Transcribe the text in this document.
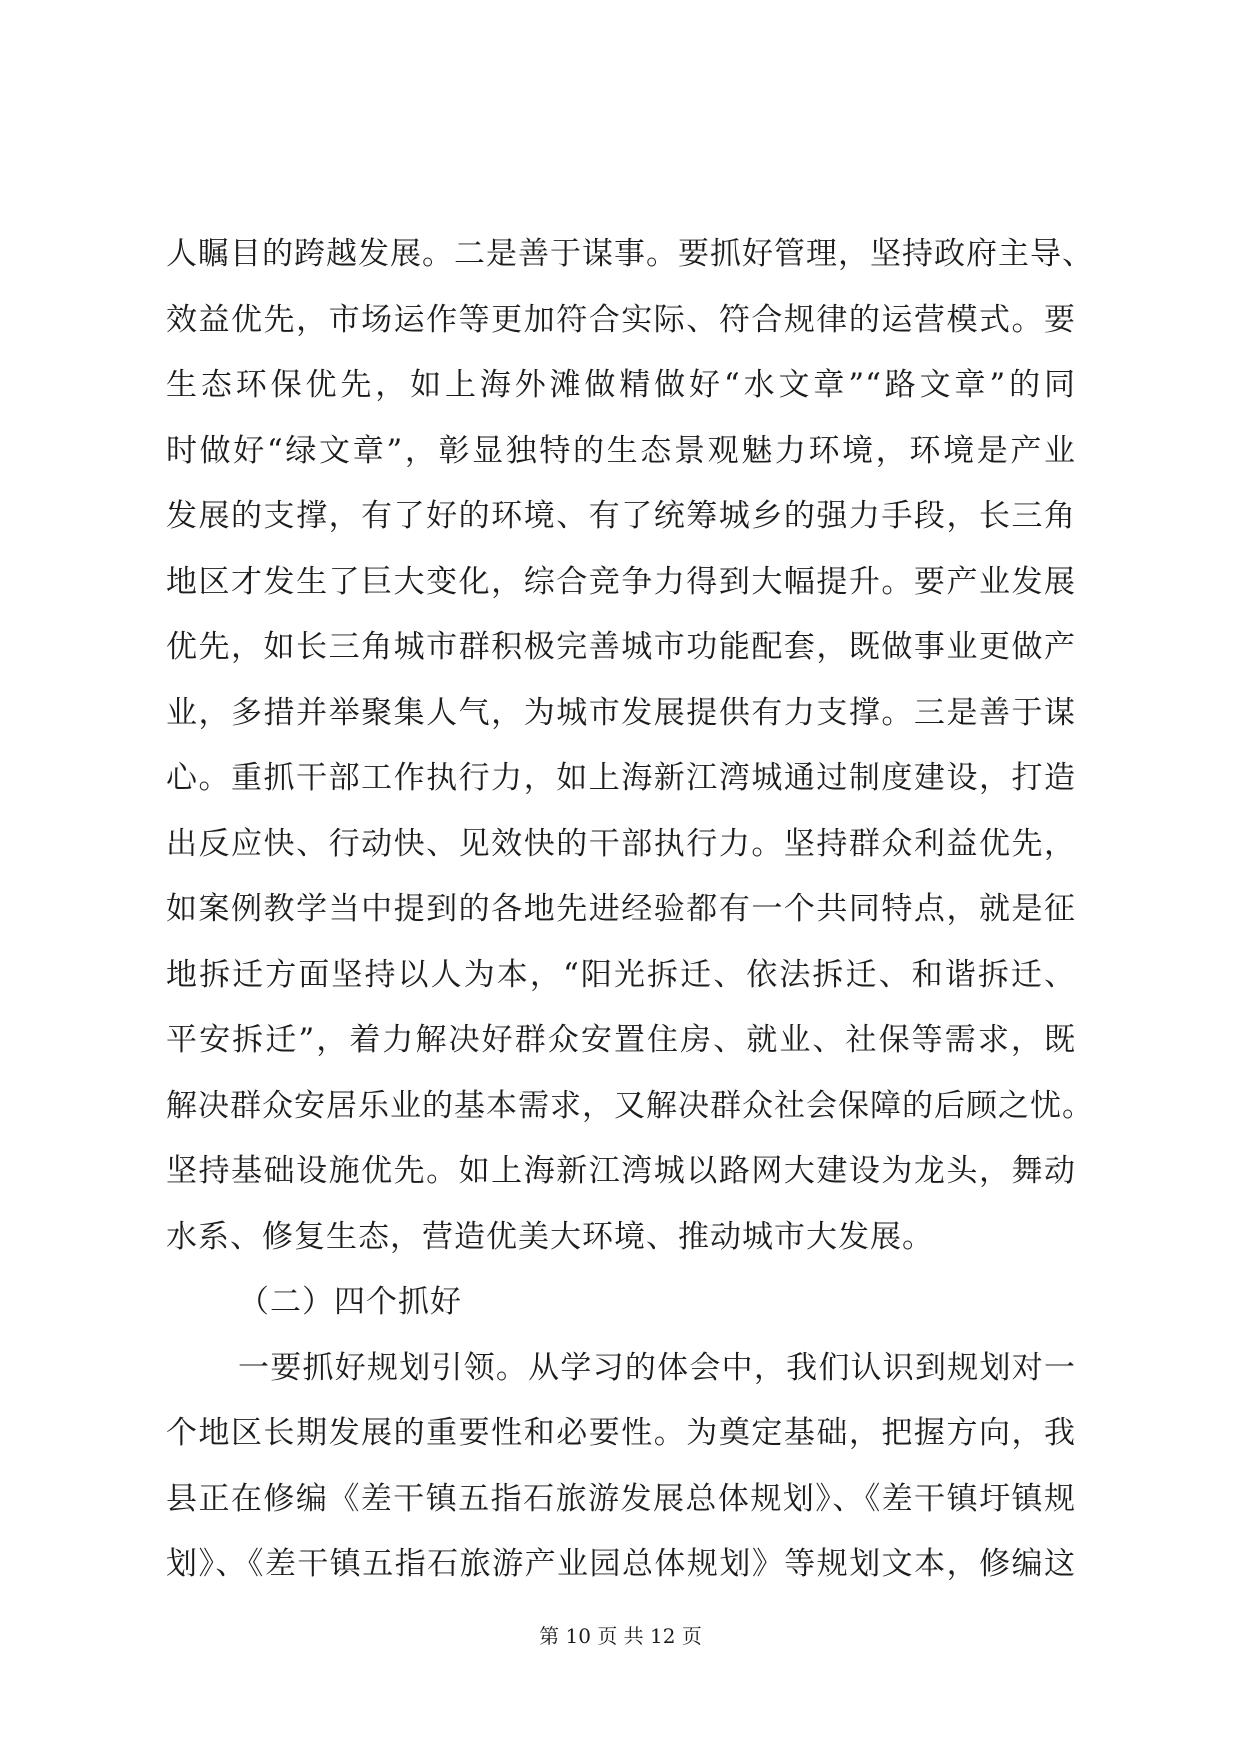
人瞩目的跨越发展。二是善于谋事。要抓好管理，坚持政府主导、
效益优先，市场运作等更加符合实际、符合规律的运营模式。要
生态环保优先，如上海外滩做精做好“水文章”“路文章”的同
时做好“绿文章”，彰显独特的生态景观魅力环境，环境是产业
发展的支撑，有了好的环境、有了统筹城乡的强力手段，长三角
地区才发生了巨大变化，综合竞争力得到大幅提升。要产业发展
优先，如长三角城市群积极完善城市功能配套，既做事业更做产
业，多措并举聚集人气，为城市发展提供有力支撑。三是善于谋
心。重抓干部工作执行力，如上海新江湾城通过制度建设，打造
出反应快、行动快、见效快的干部执行力。坚持群众利益优先，
如案例教学当中提到的各地先进经验都有一个共同特点，就是征
地拆迁方面坚持以人为本，“阳光拆迁、依法拆迁、和谐拆迁、
平安拆迁”，着力解决好群众安置住房、就业、社保等需求，既
解决群众安居乐业的基本需求，又解决群众社会保障的后顾之忧。
坚持基础设施优先。如上海新江湾城以路网大建设为龙头，舞动
水系、修复生态，营造优美大环境、推动城市大发展。
（二）四个抓好
一要抓好规划引领。从学习的体会中，我们认识到规划对一
个地区长期发展的重要性和必要性。为奠定基础，把握方向，我
县正在修编《差干镇五指石旅游发展总体规划》、《差干镇圩镇规
划》、《差干镇五指石旅游产业园总体规划》等规划文本，修编这
第 10 页 共 12 页
